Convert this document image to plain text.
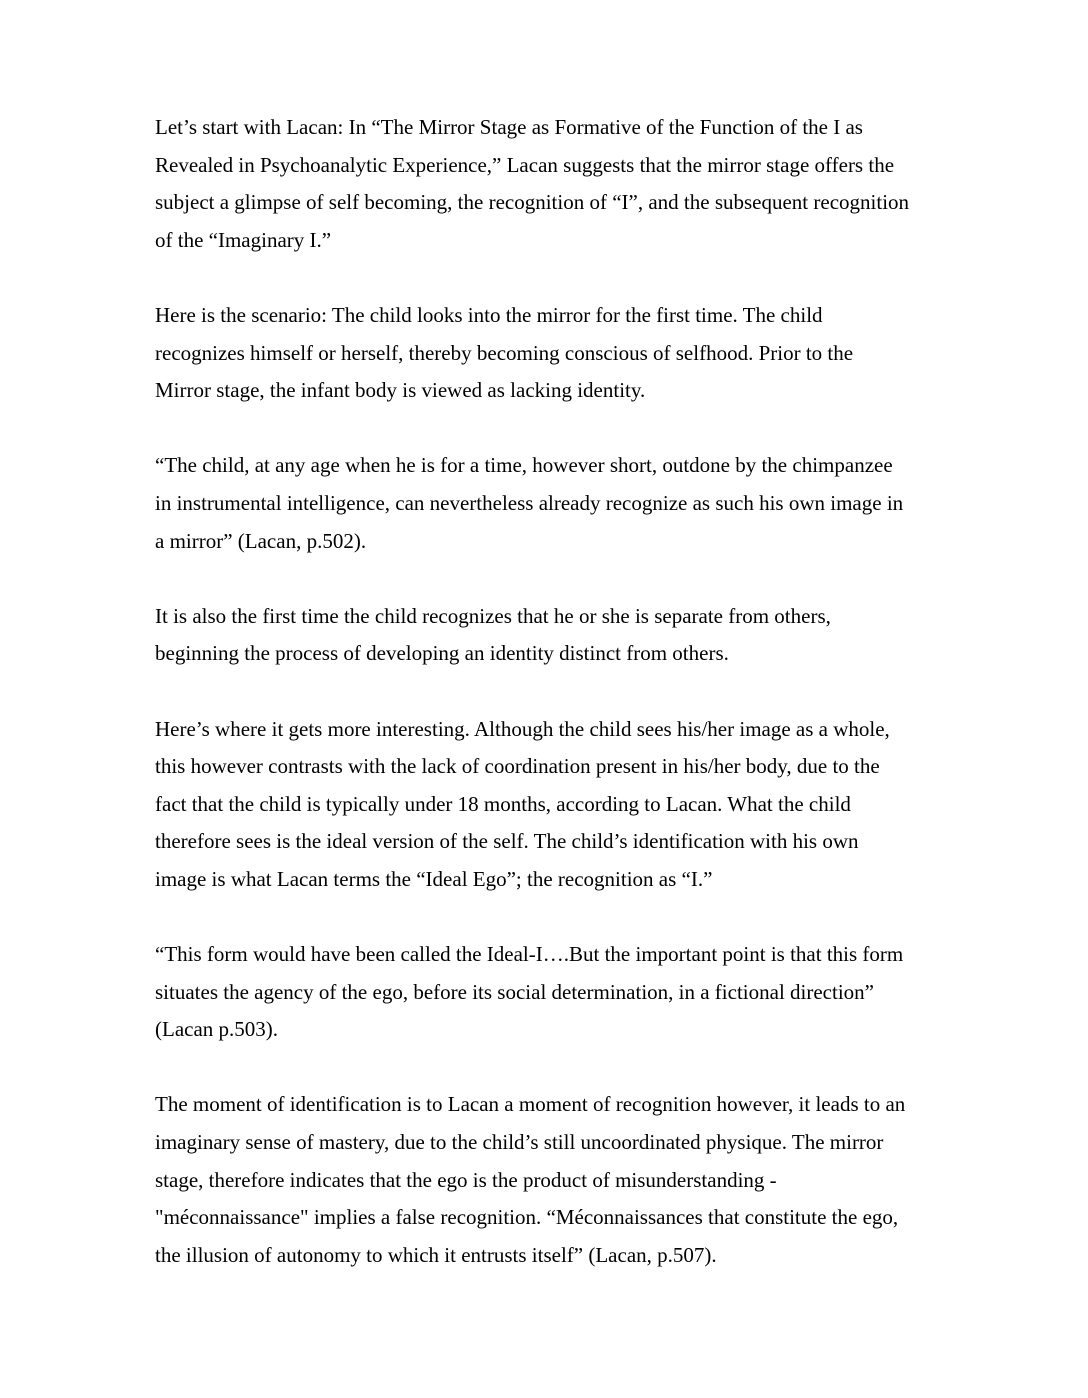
Let’s start with Lacan: In “The Mirror Stage as Formative of the Function of the I as
Revealed in Psychoanalytic Experience,” Lacan suggests that the mirror stage offers the
subject a glimpse of self becoming, the recognition of “I”, and the subsequent recognition
of the “Imaginary I.”

Here is the scenario: The child looks into the mirror for the first time. The child
recognizes himself or herself, thereby becoming conscious of selfhood. Prior to the
Mirror stage, the infant body is viewed as lacking identity.

“The child, at any age when he is for a time, however short, outdone by the chimpanzee
in instrumental intelligence, can nevertheless already recognize as such his own image in
a mirror” (Lacan, p.502).

It is also the first time the child recognizes that he or she is separate from others,
beginning the process of developing an identity distinct from others.

Here’s where it gets more interesting. Although the child sees his/her image as a whole,
this however contrasts with the lack of coordination present in his/her body, due to the
fact that the child is typically under 18 months, according to Lacan. What the child
therefore sees is the ideal version of the self. The child’s identification with his own
image is what Lacan terms the “Ideal Ego”; the recognition as “I.”

“This form would have been called the Ideal-I….But the important point is that this form
situates the agency of the ego, before its social determination, in a fictional direction”
(Lacan p.503).

The moment of identification is to Lacan a moment of recognition however, it leads to an
imaginary sense of mastery, due to the child’s still uncoordinated physique. The mirror
stage, therefore indicates that the ego is the product of misunderstanding -
"méconnaissance" implies a false recognition. “Méconnaissances that constitute the ego,
the illusion of autonomy to which it entrusts itself” (Lacan, p.507).
